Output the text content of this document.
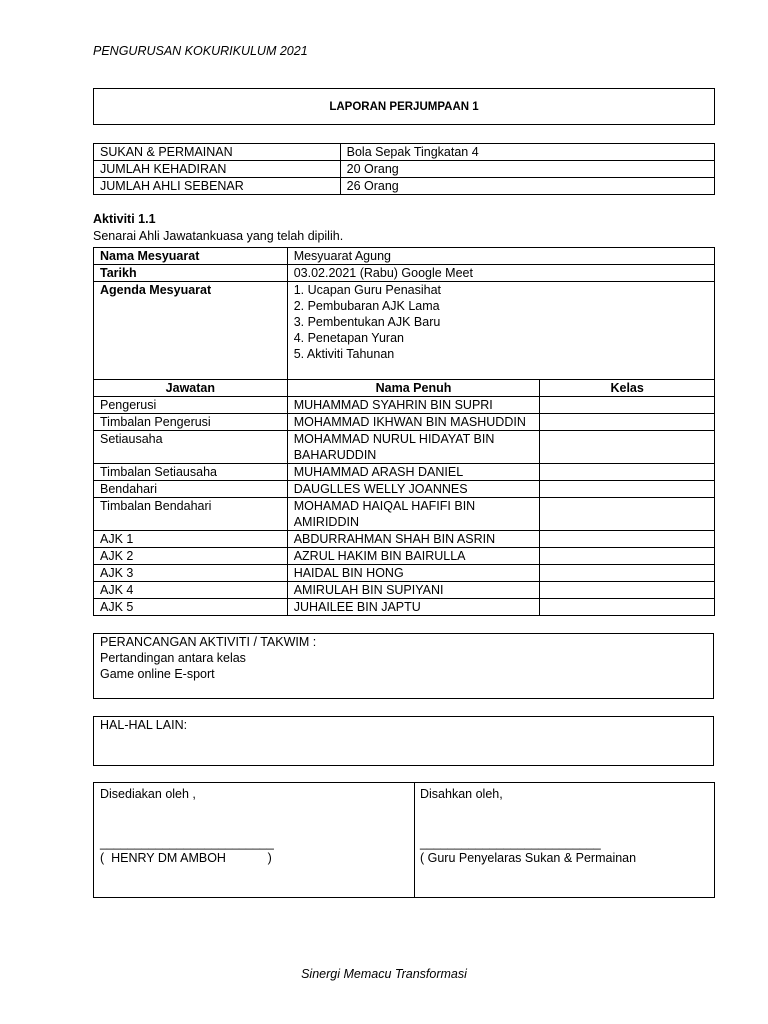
PENGURUSAN KOKURIKULUM 2021
LAPORAN PERJUMPAAN 1
SUKAN & PERMAINAN	Bola Sepak Tingkatan 4
JUMLAH KEHADIRAN	20 Orang
JUMLAH AHLI SEBENAR	26 Orang
Aktiviti 1.1
Senarai Ahli Jawatankuasa yang telah dipilih.
Nama Mesyuarat	Mesyuarat Agung	
Tarikh	03.02.2021 (Rabu) Google Meet	
Agenda Mesyuarat	1. Ucapan Guru Penasihat
2. Pembubaran AJK Lama
3. Pembentukan AJK Baru
4. Penetapan Yuran
5. Aktiviti Tahunan	

Jawatan	Nama Penuh	Kelas
Pengerusi	MUHAMMAD SYAHRIN BIN SUPRI	
Timbalan Pengerusi	MOHAMMAD IKHWAN BIN MASHUDDIN	
Setiausaha	MOHAMMAD NURUL HIDAYAT BIN BAHARUDDIN	
Timbalan Setiausaha	MUHAMMAD ARASH DANIEL	
Bendahari	DAUGLLES WELLY JOANNES	
Timbalan Bendahari	MOHAMAD HAIQAL HAFIFI BIN AMIRIDDIN	
AJK 1	ABDURRAHMAN SHAH BIN ASRIN	
AJK 2	AZRUL HAKIM BIN BAIRULLA	
AJK 3	HAIDAL BIN HONG	
AJK 4	AMIRULAH BIN SUPIYANI	
AJK 5	JUHAILEE BIN JAPTU	
PERANCANGAN AKTIVITI / TAKWIM :
Pertandingan antara kelas
Game online E-sport
HAL-HAL LAIN:
Disediakan oleh ,
_________________________
(  HENRY DM AMBOH            )
Disahkan oleh,
__________________________
( Guru Penyelaras Sukan & Permainan
Sinergi Memacu Transformasi
